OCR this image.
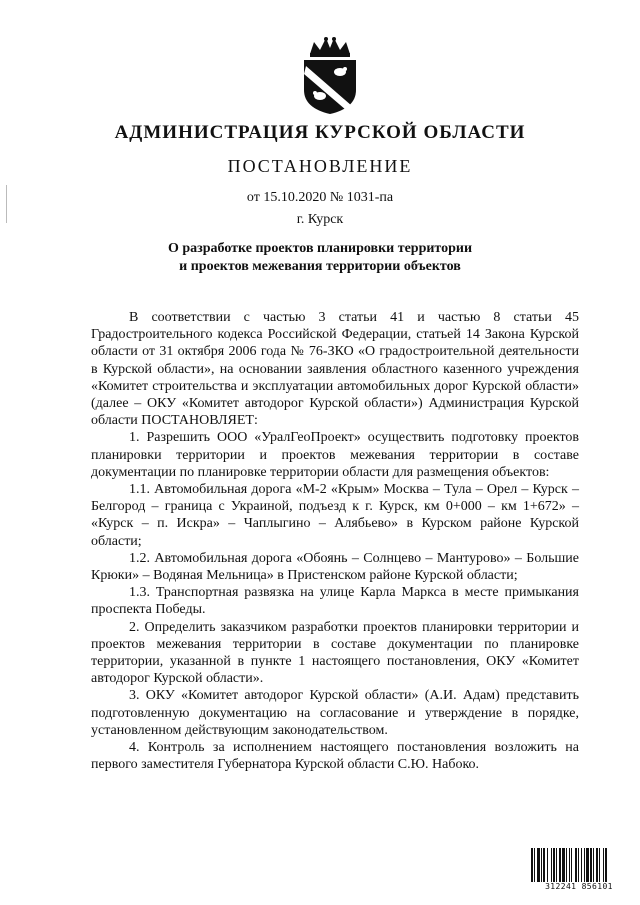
АДМИНИСТРАЦИЯ КУРСКОЙ ОБЛАСТИ
ПОСТАНОВЛЕНИЕ
от 15.10.2020 № 1031-па
г. Курск
О разработке проектов планировки территории
и проектов межевания территории объектов

В соответствии с частью 3 статьи 41 и частью 8 статьи 45 Градостроительного кодекса Российской Федерации, статьей 14 Закона Курской области от 31 октября 2006 года № 76-ЗКО «О градостроительной деятельности в Курской области», на основании заявления областного казенного учреждения «Комитет строительства и эксплуатации автомобильных дорог Курской области» (далее – ОКУ «Комитет автодорог Курской области») Администрация Курской области ПОСТАНОВЛЯЕТ:

1. Разрешить ООО «УралГеоПроект» осуществить подготовку проектов планировки территории и проектов межевания территории в составе документации по планировке территории области для размещения объектов:

1.1. Автомобильная дорога «М-2 «Крым» Москва – Тула – Орел – Курск – Белгород – граница с Украиной, подъезд к г. Курск, км 0+000 – км 1+672» – «Курск – п. Искра» – Чаплыгино – Алябьево» в Курском районе Курской области;

1.2. Автомобильная дорога «Обоянь – Солнцево – Мантурово» – Большие Крюки» – Водяная Мельница» в Пристенском районе Курской области;

1.3. Транспортная развязка на улице Карла Маркса в месте примыкания проспекта Победы.

2. Определить заказчиком разработки проектов планировки территории и проектов межевания территории в составе документации по планировке территории, указанной в пункте 1 настоящего постановления, ОКУ «Комитет автодорог Курской области».

3. ОКУ «Комитет автодорог Курской области» (А.И. Адам) представить подготовленную документацию на согласование и утверждение в порядке, установленном действующим законодательством.

4. Контроль за исполнением настоящего постановления возложить на первого заместителя Губернатора Курской области С.Ю. Набоко.

312241 856101
